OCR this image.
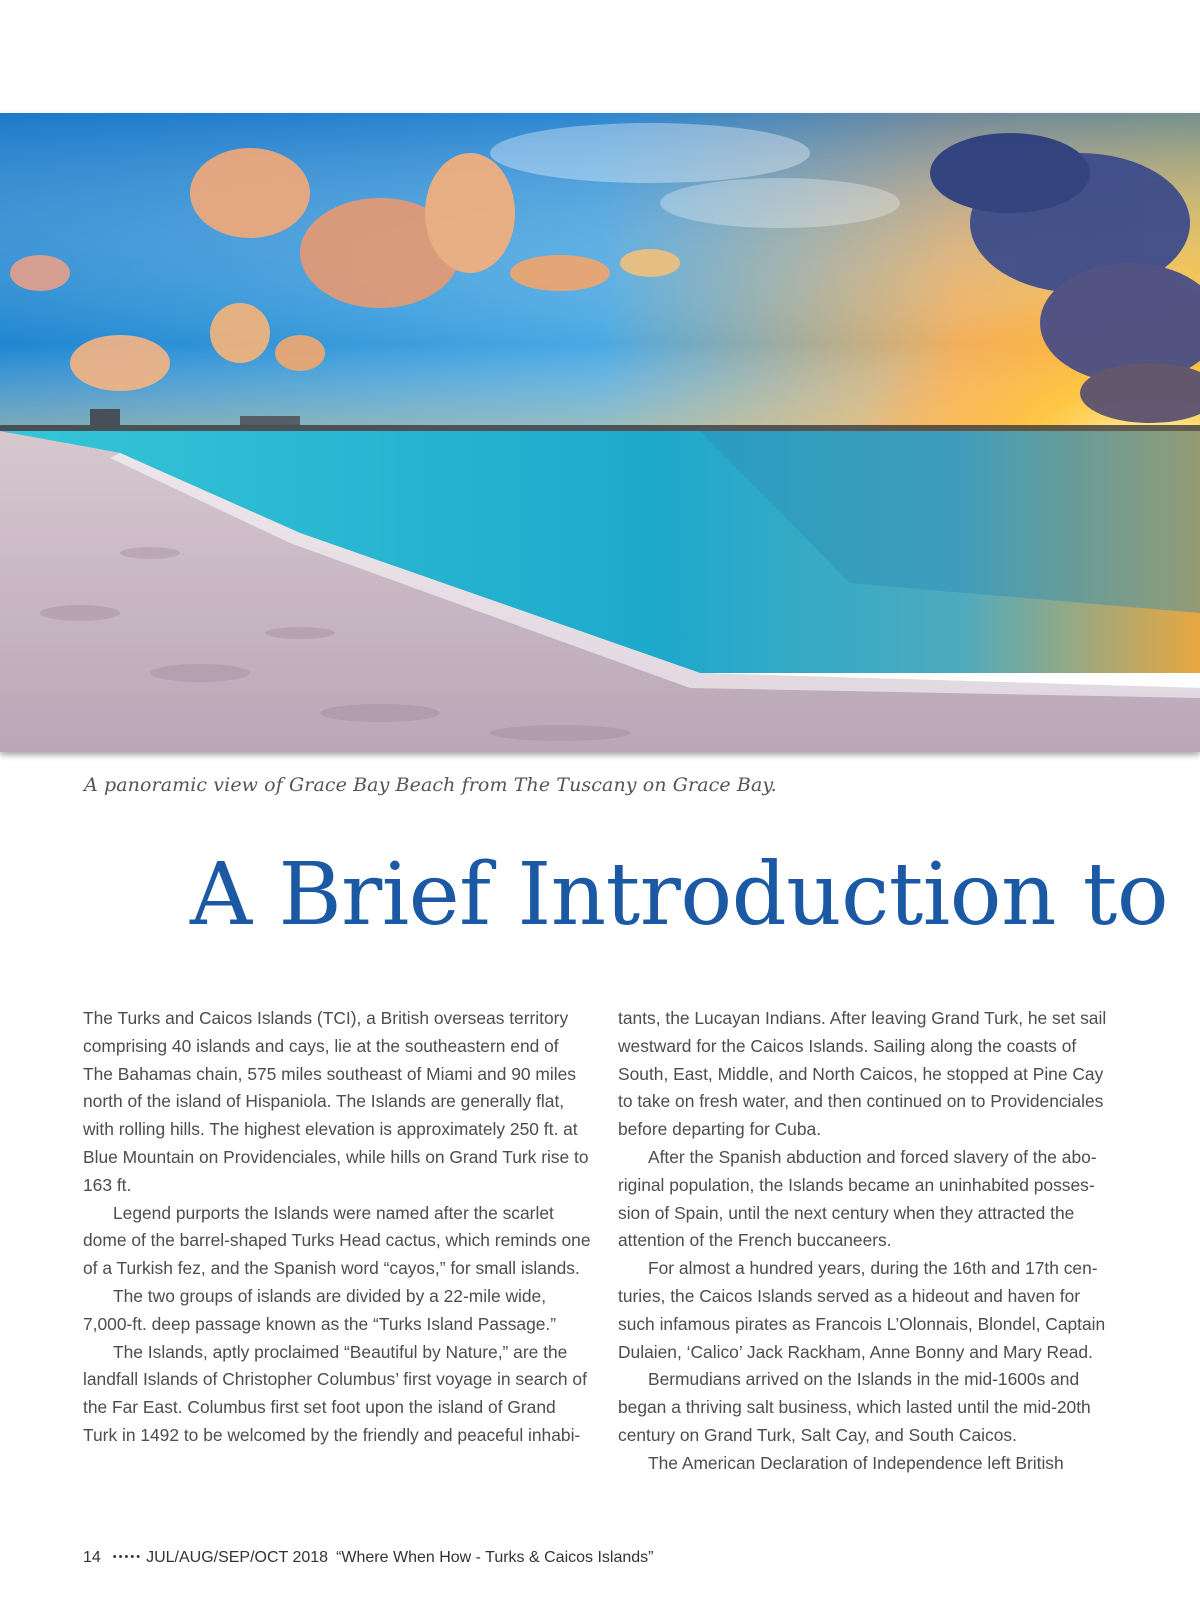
A panoramic view of Grace Bay Beach from The Tuscany on Grace Bay.
A Brief Introduction to

The Turks and Caicos Islands (TCI), a British overseas territory comprising 40 islands and cays, lie at the southeastern end of The Bahamas chain, 575 miles southeast of Miami and 90 miles north of the island of Hispaniola. The Islands are generally flat, with rolling hills. The highest elevation is approximately 250 ft. at Blue Mountain on Providenciales, while hills on Grand Turk rise to 163 ft.

Legend purports the Islands were named after the scarlet dome of the barrel-shaped Turks Head cactus, which reminds one of a Turkish fez, and the Spanish word “cayos,” for small islands.

The two groups of islands are divided by a 22-mile wide, 7,000-ft. deep passage known as the “Turks Island Passage.”

The Islands, aptly proclaimed “Beautiful by Nature,” are the landfall Islands of Christopher Columbus’ first voyage in search of the Far East. Columbus first set foot upon the island of Grand Turk in 1492 to be welcomed by the friendly and peaceful inhabi-

tants, the Lucayan Indians. After leaving Grand Turk, he set sail westward for the Caicos Islands. Sailing along the coasts of South, East, Middle, and North Caicos, he stopped at Pine Cay to take on fresh water, and then continued on to Providenciales before departing for Cuba.

After the Spanish abduction and forced slavery of the abo-riginal population, the Islands became an uninhabited posses-sion of Spain, until the next century when they attracted the attention of the French buccaneers.

For almost a hundred years, during the 16th and 17th cen-turies, the Caicos Islands served as a hideout and haven for such infamous pirates as Francois L’Olonnais, Blondel, Captain Dulaien, ‘Calico’ Jack Rackham, Anne Bonny and Mary Read.

Bermudians arrived on the Islands in the mid-1600s and began a thriving salt business, which lasted until the mid-20th century on Grand Turk, Salt Cay, and South Caicos.

The American Declaration of Independence left British

14 ••••• JUL/AUG/SEP/OCT 2018 “Where When How - Turks & Caicos Islands”
